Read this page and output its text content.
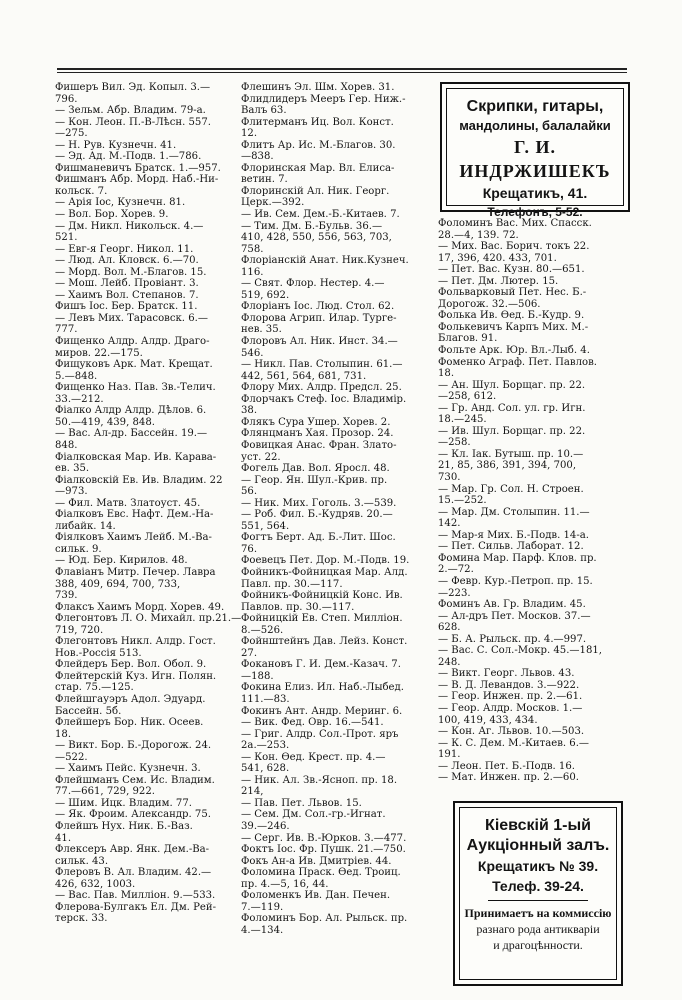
Фишеръ Вил. Эд. Копыл. 3.—
796.
— Зельм. Абр. Владим. 79-а.
— Кон. Леон. П.-В-Лѣсн. 557.
—275.
— Н. Рув. Кузнечн. 41.
— Эд. Ад. М.-Подв. 1.—786.
Фишманевичъ Братск. 1.—957.
Фишманъ Абр. Морд. Наб.-Ни-
кольск. 7.
— Арія Іос, Кузнечн. 81.
— Вол. Бор. Хорев. 9.
— Дм. Никл. Никольск. 4.—
521.
— Евг-я Георг. Никол. 11.
— Люд. Ал. Кловск. 6.—70.
— Морд. Вол. М.-Благов. 15.
— Мош. Лейб. Провіант. 3.
— Хаимъ Вол. Степанов. 7.
Фишъ Іос. Бер. Братск. 11.
— Левъ Мих. Тарасовск. 6.—
777.
Фищенко Алдр. Алдр. Драго-
миров. 22.—175.
Фищуковъ Арк. Мат. Крещат.
5.—848.
Фищенко Наз. Пав. Зв.-Телич.
33.—212.
Фіалко Алдр Алдр. Дѣлов. 6.
50.—419, 439, 848.
— Вас. Ал-др. Бассейн. 19.—
848.
Фіалковская Мар. Ив. Карава-
ев. 35.
Фіалковскій Ев. Ив. Владим. 22
—973.
— Фил. Матв. Златоуст. 45.
Фіалковъ Евс. Нафт. Дем.-На-
либайк. 14.
Фіялковъ Хаимъ Лейб. М.-Ва-
сильк. 9.
— Юд. Бер. Кирилов. 48.
Флавіанъ Митр. Печер. Лавра
388, 409, 694, 700, 733,
739.
Флаксъ Хаимъ Морд. Хорев. 49.
Флегонтовъ Л. О. Михайл. пр.21.—
719, 720.
Флегонтовъ Никл. Алдр. Гост.
Нов.-Россія 513.
Флейдеръ Бер. Вол. Обол. 9.
Флейтерскій Куз. Игн. Полян.
стар. 75.—125.
Флейшгауэръ Адол. Эдуард.
Бассейн. 5б.
Флейшеръ Бор. Ник. Осеев.
18.
— Викт. Бор. Б.-Дорогож. 24.
—522.
— Хаимъ Пейс. Кузнечн. 3.
Флейшманъ Сем. Ис. Владим.
77.—661, 729, 922.
— Шим. Ицк. Владим. 77.
— Як. Фроим. Александр. 75.
Флейшъ Нух. Ник. Б.-Ваз.
41.
Флексеръ Авр. Янк. Дем.-Ва-
сильк. 43.
Флеровъ В. Ал. Владим. 42.—
426, 632, 1003.
— Вас. Пав. Милліон. 9.—533.
Флерова-Булгакъ Ел. Дм. Рей-
терск. 33.
Флешинъ Эл. Шм. Хорев. 31.
Флидлидеръ Мееръ Гер. Ниж.-
Валъ 63.
Флитерманъ Иц. Вол. Конст.
12.
Флитъ Ар. Ис. М.-Благов. 30.
—838.
Флоринская Мар. Вл. Елиса-
ветин. 7.
Флоринскій Ал. Ник. Георг.
Церк.—392.
— Ив. Сем. Дем.-Б.-Китаев. 7.
— Тим. Дм. Б.-Бульв. 36.—
410, 428, 550, 556, 563, 703,
758.
Флоріанскій Анат. Ник.Кузнеч.
116.
— Свят. Флор. Нестер. 4.—
519, 692.
Флоріанъ Іос. Люд. Стол. 62.
Флорова Агрип. Илар. Турге-
нев. 35.
Флоровъ Ал. Ник. Инст. 34.—
546.
— Никл. Пав. Столыпин. 61.—
442, 561, 564, 681, 731.
Флору Мих. Алдр. Предсл. 25.
Флорчакъ Стеф. Іос. Владимір.
38.
Флякъ Сура Ушер. Хорев. 2.
Флянцманъ Хая. Прозор. 24.
Фовицкая Анас. Фран. Злато-
уст. 22.
Фогель Дав. Вол. Яросл. 48.
— Геор. Ян. Шул.-Крив. пр.
56.
— Ник. Мих. Гоголь. 3.—539.
— Роб. Фил. Б.-Кудряв. 20.—
551, 564.
Фогтъ Берт. Ад. Б.-Лит. Шос.
76.
Фоевецъ Пет. Дор. М.-Подв. 19.
Фойникъ-Фойницкая Мар. Алд.
Павл. пр. 30.—117.
Фойникъ-Фойницкій Конс. Ив.
Павлов. пр. 30.—117.
Фойницкій Ев. Степ. Милліон.
8.—526.
Фойнштейнъ Дав. Лейз. Конст.
27.
Фокановъ Г. И. Дем.-Казач. 7.
—188.
Фокина Елиз. Ил. Наб.-Лыбед.
111.—83.
Фокинъ Ант. Андр. Меринг. 6.
— Вик. Фед. Овр. 16.—541.
— Григ. Алдр. Сол.-Прот. яръ
2а.—253.
— Кон. Ѳед. Крест. пр. 4.—
541, 628.
— Ник. Ал. Зв.-Ясноп. пр. 18.
214,
— Пав. Пет. Львов. 15.
— Сем. Дм. Сол.-гр.-Игнат.
39.—246.
— Серг. Ив. В.-Юрков. 3.—477.
Фоктъ Іос. Фр. Пушк. 21.—750.
Фокъ Ан-а Ив. Дмитріев. 44.
Фоломина Праск. Ѳед. Троиц.
пр. 4.—5, 16, 44.
Фоломенкъ Ив. Дан. Печен.
7.—119.
Фоломинъ Бор. Ал. Рыльск. пр.
4.—134.
Фоломинъ Вас. Мих. Спасск.
28.—4, 139. 72.
— Мих. Вас. Борич. токъ 22.
17, 396, 420. 433, 701.
— Пет. Вас. Кузн. 80.—651.
— Пет. Дм. Лютер. 15.
Фольварковый Пет. Нес. Б.-
Дорогож. 32.—506.
Фолька Ив. Ѳед. Б.-Кудр. 9.
Фолькевичъ Карпъ Мих. М.-
Благов. 91.
Фольте Арк. Юр. Вл.-Лыб. 4.
Фоменко Аграф. Пет. Павлов.
18.
— Ан. Шул. Борщаг. пр. 22.
—258, 612.
— Гр. Анд. Сол. ул. гр. Игн.
18.—245.
— Ив. Шул. Борщаг. пр. 22.
—258.
— Кл. Іак. Бутыш. пр. 10.—
21, 85, 386, 391, 394, 700,
730.
— Мар. Гр. Сол. Н. Строен.
15.—252.
— Мар. Дм. Столыпин. 11.—
142.
— Мар-я Мих. Б.-Подв. 14-а.
— Пет. Сильв. Лаборат. 12.
Фомина Мар. Парф. Клов. пр.
2.—72.
— Февр. Кур.-Петроп. пр. 15.
—223.
Фоминъ Ав. Гр. Владим. 45.
— Ал-дръ Пет. Москов. 37.—
628.
— Б. А. Рыльск. пр. 4.—997.
— Вас. С. Сол.-Мокр. 45.—181,
248.
— Викт. Георг. Львов. 43.
— В. Д. Левандов. 3.—922.
— Геор. Инжен. пр. 2.—61.
— Геор. Алдр. Москов. 1.—
100, 419, 433, 434.
— Кон. Аг. Львов. 10.—503.
— К. С. Дем. М.-Китаев. 6.—
191.
— Леон. Пет. Б.-Подв. 16.
— Мат. Инжен. пр. 2.—60.
Скрипки, гитары,
мандолины, балалайки
Г. И. ИНДРЖИШЕКЪ
Крещатикъ, 41.
Телефонъ, 5-52.
Кіевскій 1-ый
Аукціонный залъ.
Крещатикъ № 39.
Телеф. 39-24.
Принимаетъ на коммиссію
разнаго рода антикваріи
и драгоцѣнности.
